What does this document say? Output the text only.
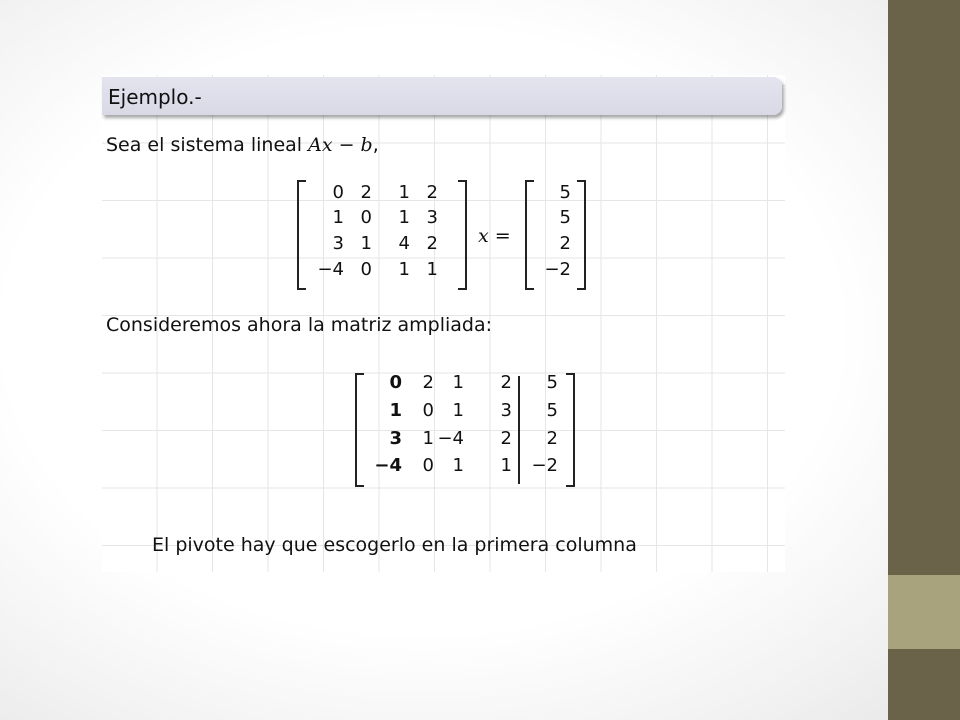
Ejemplo.-
Sea el sistema lineal Ax − b,
0 2	1 2
1 0	1 3
3 1	4 2
−4 0	1 1
x =
5
5
2
−2
Consideremos ahora la matriz ampliada:
0	2	1	2	5
1	0	1	3	5
3	1 −4	2	2
−4	0	1	1 −2
El pivote hay que escogerlo en la primera columna
